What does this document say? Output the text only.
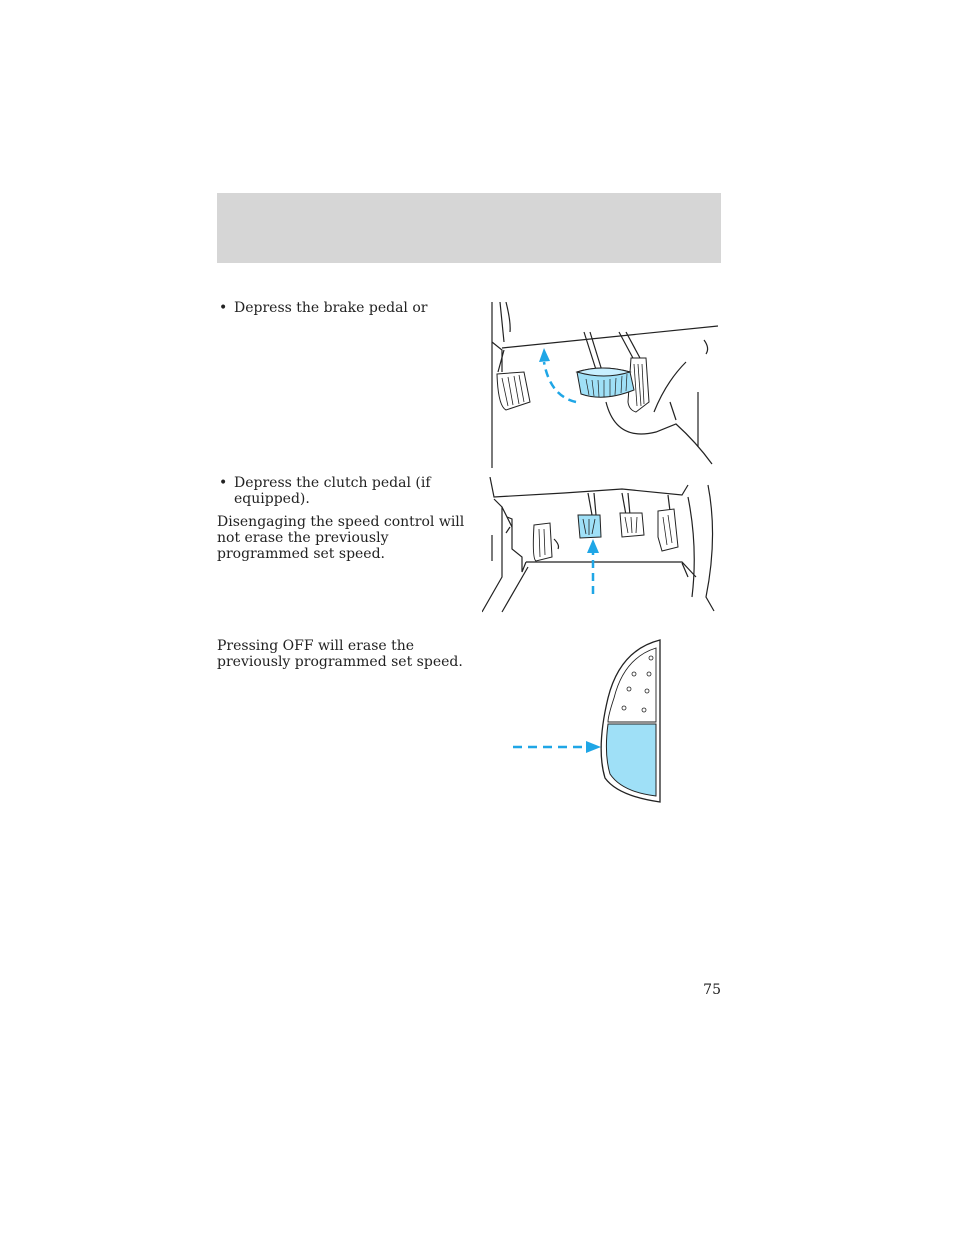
• Depress the brake pedal or
• Depress the clutch pedal (if
equipped).
Disengaging the speed control will
not erase the previously
programmed set speed.
Pressing OFF will erase the
previously programmed set speed.
75
